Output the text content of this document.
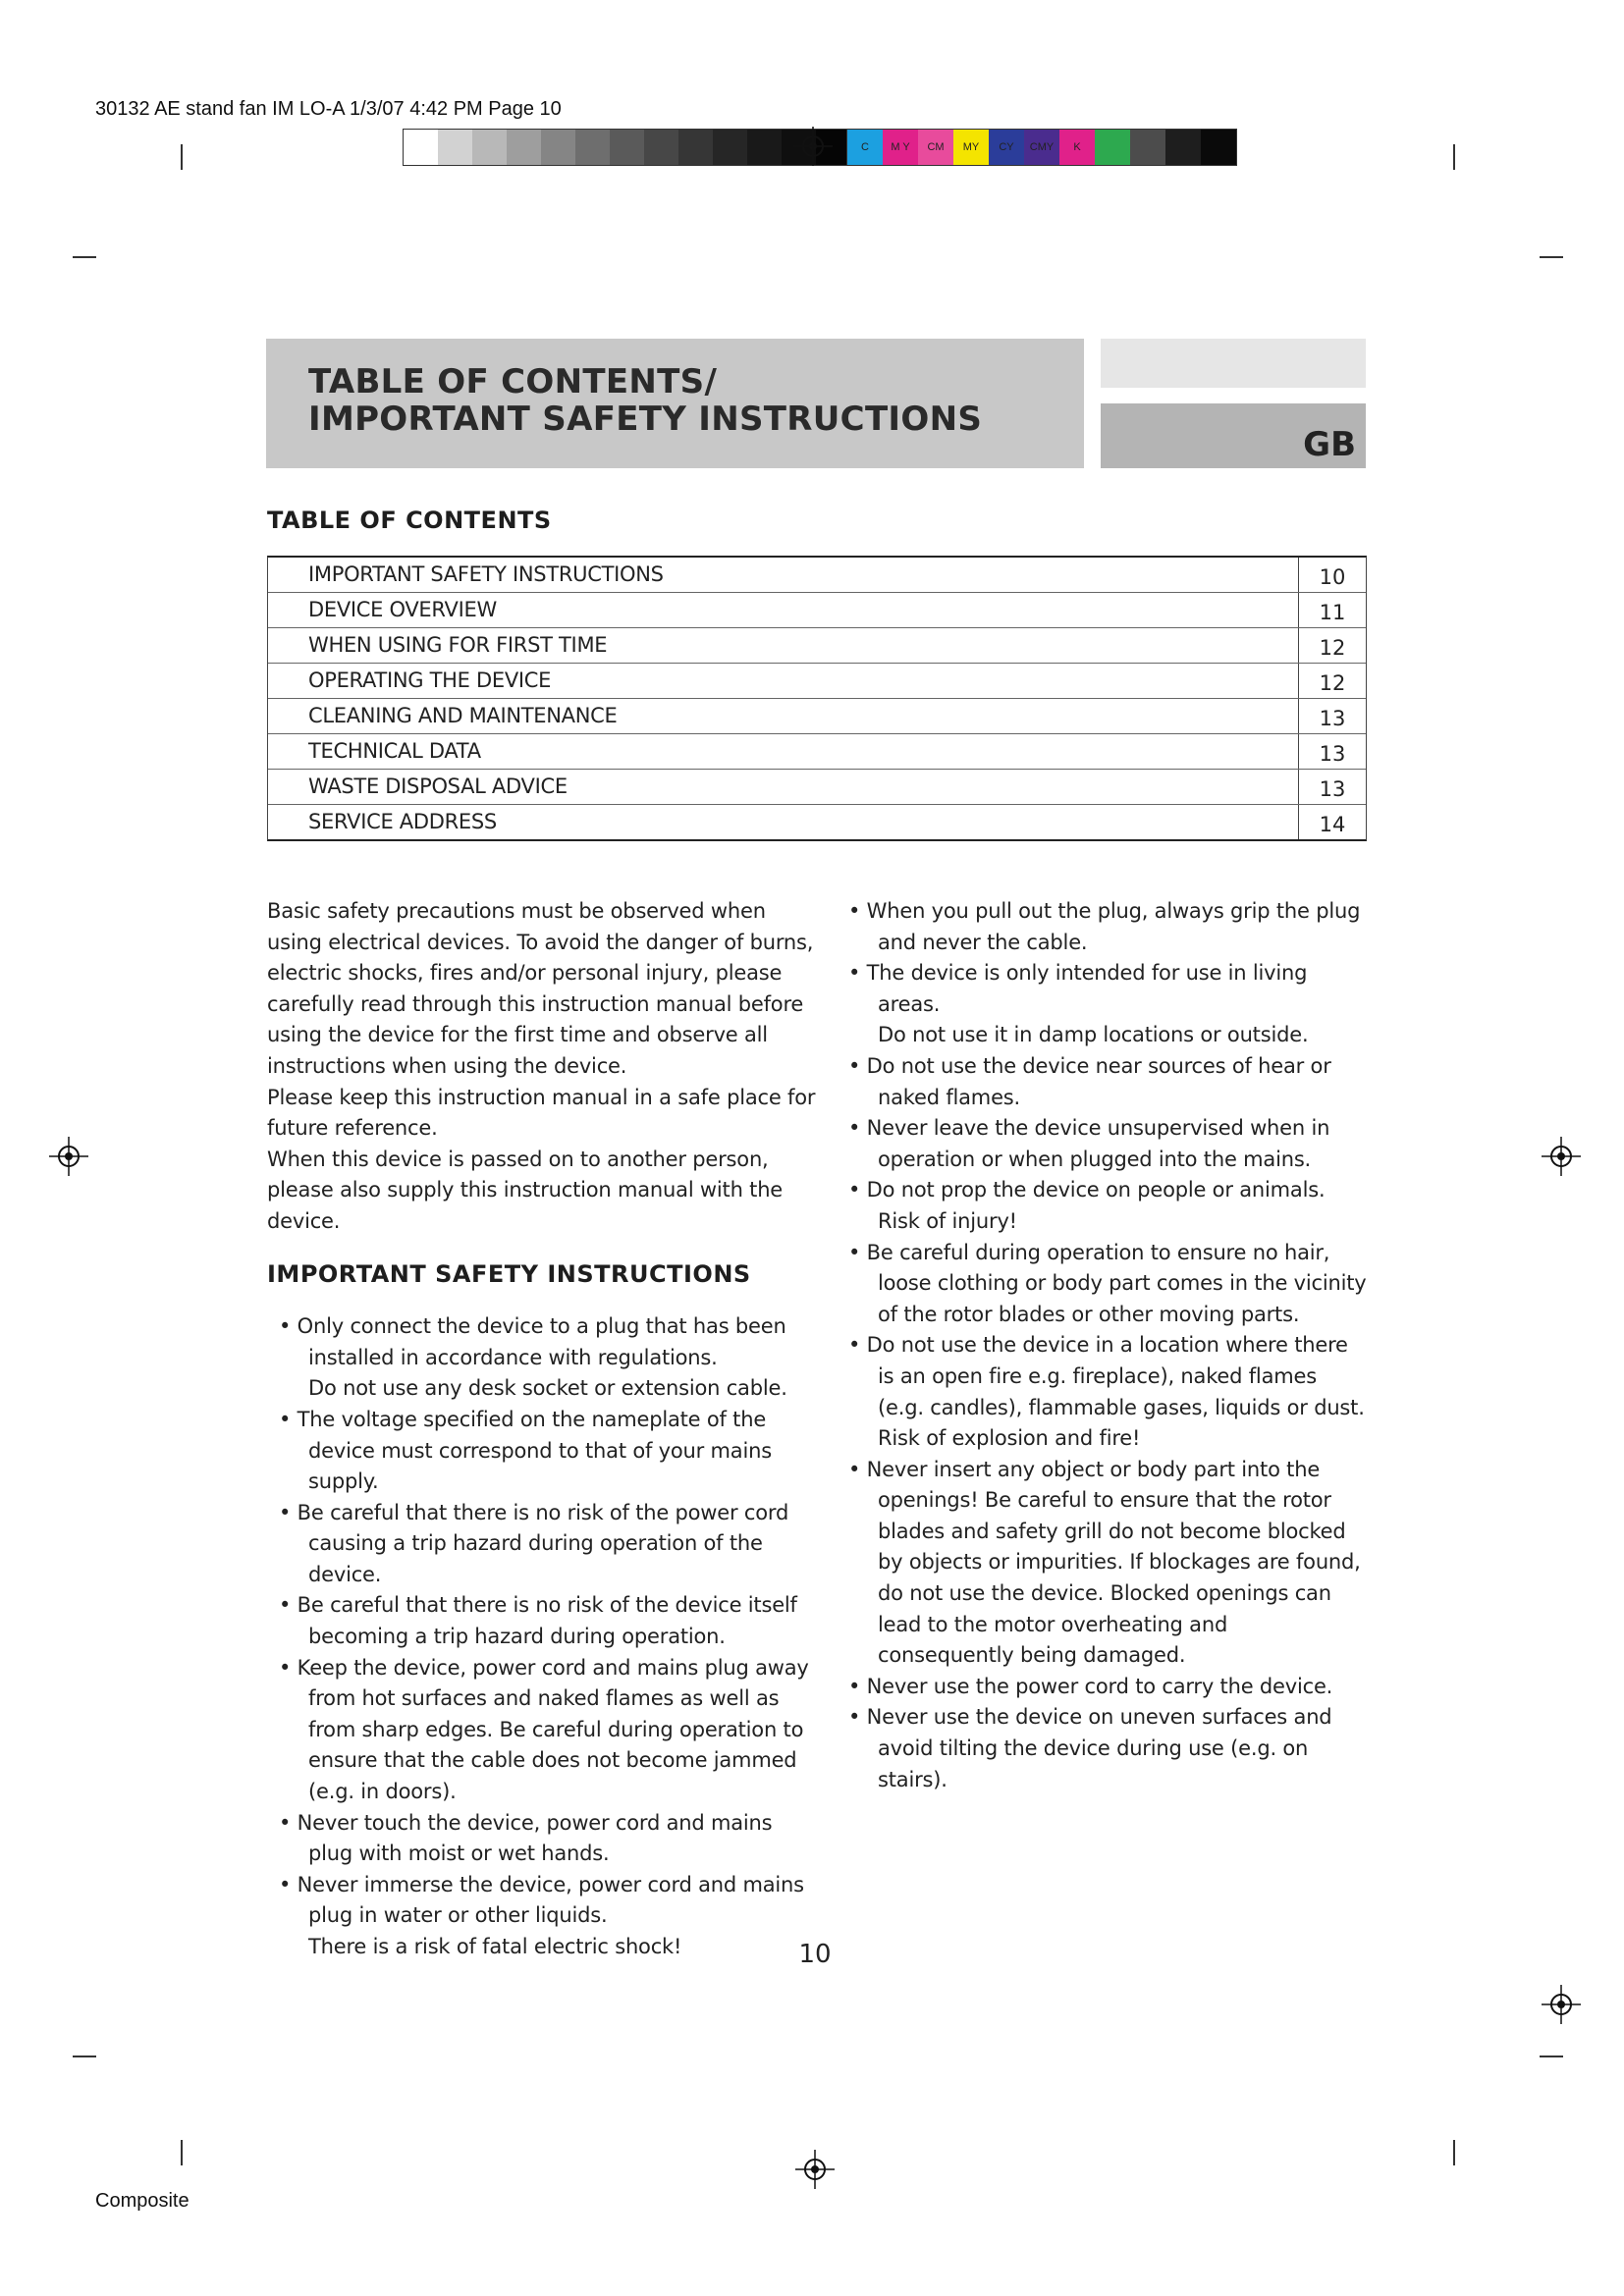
30132 AE stand fan IM LO-A 1/3/07 4:42 PM Page 10
C	M Y	CM	MY	CY	CMY	K
TABLE OF CONTENTS/
IMPORTANT SAFETY INSTRUCTIONS
GB
TABLE OF CONTENTS
IMPORTANT SAFETY INSTRUCTIONS	10
DEVICE OVERVIEW	11
WHEN USING FOR FIRST TIME	12
OPERATING THE DEVICE	12
CLEANING AND MAINTENANCE	13
TECHNICAL DATA	13
WASTE DISPOSAL ADVICE	13
SERVICE ADDRESS	14

Basic safety precautions must be observed when using electrical devices. To avoid the danger of burns, electric shocks, fires and/or personal injury, please carefully read through this instruction manual before using the device for the first time and observe all instructions when using the device.

Please keep this instruction manual in a safe place for future reference.

When this device is passed on to another person, please also supply this instruction manual with the device.

IMPORTANT SAFETY INSTRUCTIONS

• Only connect the device to a plug that has been installed in accordance with regulations.

Do not use any desk socket or extension cable.

• The voltage specified on the nameplate of the device must correspond to that of your mains supply.

• Be careful that there is no risk of the power cord causing a trip hazard during operation of the device.

• Be careful that there is no risk of the device itself becoming a trip hazard during operation.

• Keep the device, power cord and mains plug away from hot surfaces and naked flames as well as from sharp edges. Be careful during operation to ensure that the cable does not become jammed (e.g. in doors).

• Never touch the device, power cord and mains plug with moist or wet hands.

• Never immerse the device, power cord and mains plug in water or other liquids.

There is a risk of fatal electric shock!

• When you pull out the plug, always grip the plug and never the cable.

• The device is only intended for use in living areas.

Do not use it in damp locations or outside.

• Do not use the device near sources of hear or naked flames.

• Never leave the device unsupervised when in operation or when plugged into the mains.

• Do not prop the device on people or animals. Risk of injury!

• Be careful during operation to ensure no hair, loose clothing or body part comes in the vicinity of the rotor blades or other moving parts.

• Do not use the device in a location where there is an open fire e.g. fireplace), naked flames (e.g. candles), flammable gases, liquids or dust. Risk of explosion and fire!

• Never insert any object or body part into the openings! Be careful to ensure that the rotor blades and safety grill do not become blocked by objects or impurities. If blockages are found, do not use the device. Blocked openings can lead to the motor overheating and consequently being damaged.

• Never use the power cord to carry the device.

• Never use the device on uneven surfaces and avoid tilting the device during use (e.g. on stairs).

10
Composite
